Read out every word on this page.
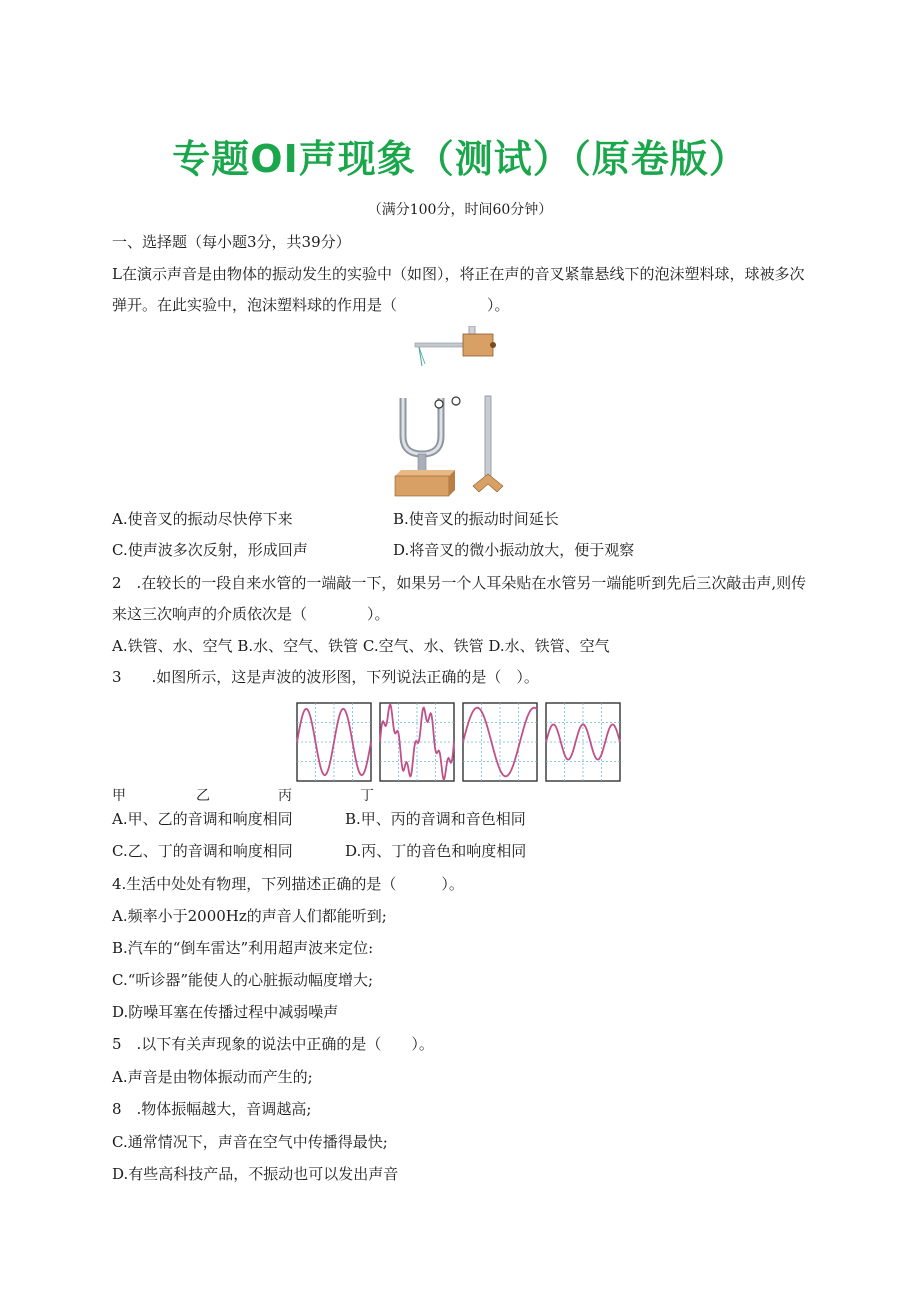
专题OI声现象（测试）（原卷版）
（满分100分，时间60分钟）
一、选择题（每小题3分，共39分）
L在演示声音是由物体的振动发生的实验中（如图），将正在声的音叉紧靠悬线下的泡沫塑料球，球被多次
弹开。在此实验中，泡沫塑料球的作用是（　　　　　　）。
A.使音叉的振动尽快停下来	B.使音叉的振动时间延长
C.使声波多次反射，形成回声	D.将音叉的微小振动放大，便于观察
2　.在较长的一段自来水管的一端敲一下，如果另一个人耳朵贴在水管另一端能听到先后三次敲击声,则传
来这三次响声的介质依次是（　　　　）。
A.铁管、水、空气 B.水、空气、铁管 C.空气、水、铁管 D.水、铁管、空气
3　　.如图所示，这是声波的波形图，下列说法正确的是（　）。
甲	乙	丙	丁
A.甲、乙的音调和响度相同	B.甲、丙的音调和音色相同
C.乙、丁的音调和响度相同	D.丙、丁的音色和响度相同
4.生活中处处有物理，下列描述正确的是（　　　）。
A.频率小于2000Hz的声音人们都能听到;
B.汽车的“倒车雷达”利用超声波来定位:
C.“听诊器”能使人的心脏振动幅度增大;
D.防噪耳塞在传播过程中减弱噪声
5　.以下有关声现象的说法中正确的是（　　）。
A.声音是由物体振动而产生的;
8　.物体振幅越大，音调越高;
C.通常情况下，声音在空气中传播得最快;
D.有些高科技产品，不振动也可以发出声音
